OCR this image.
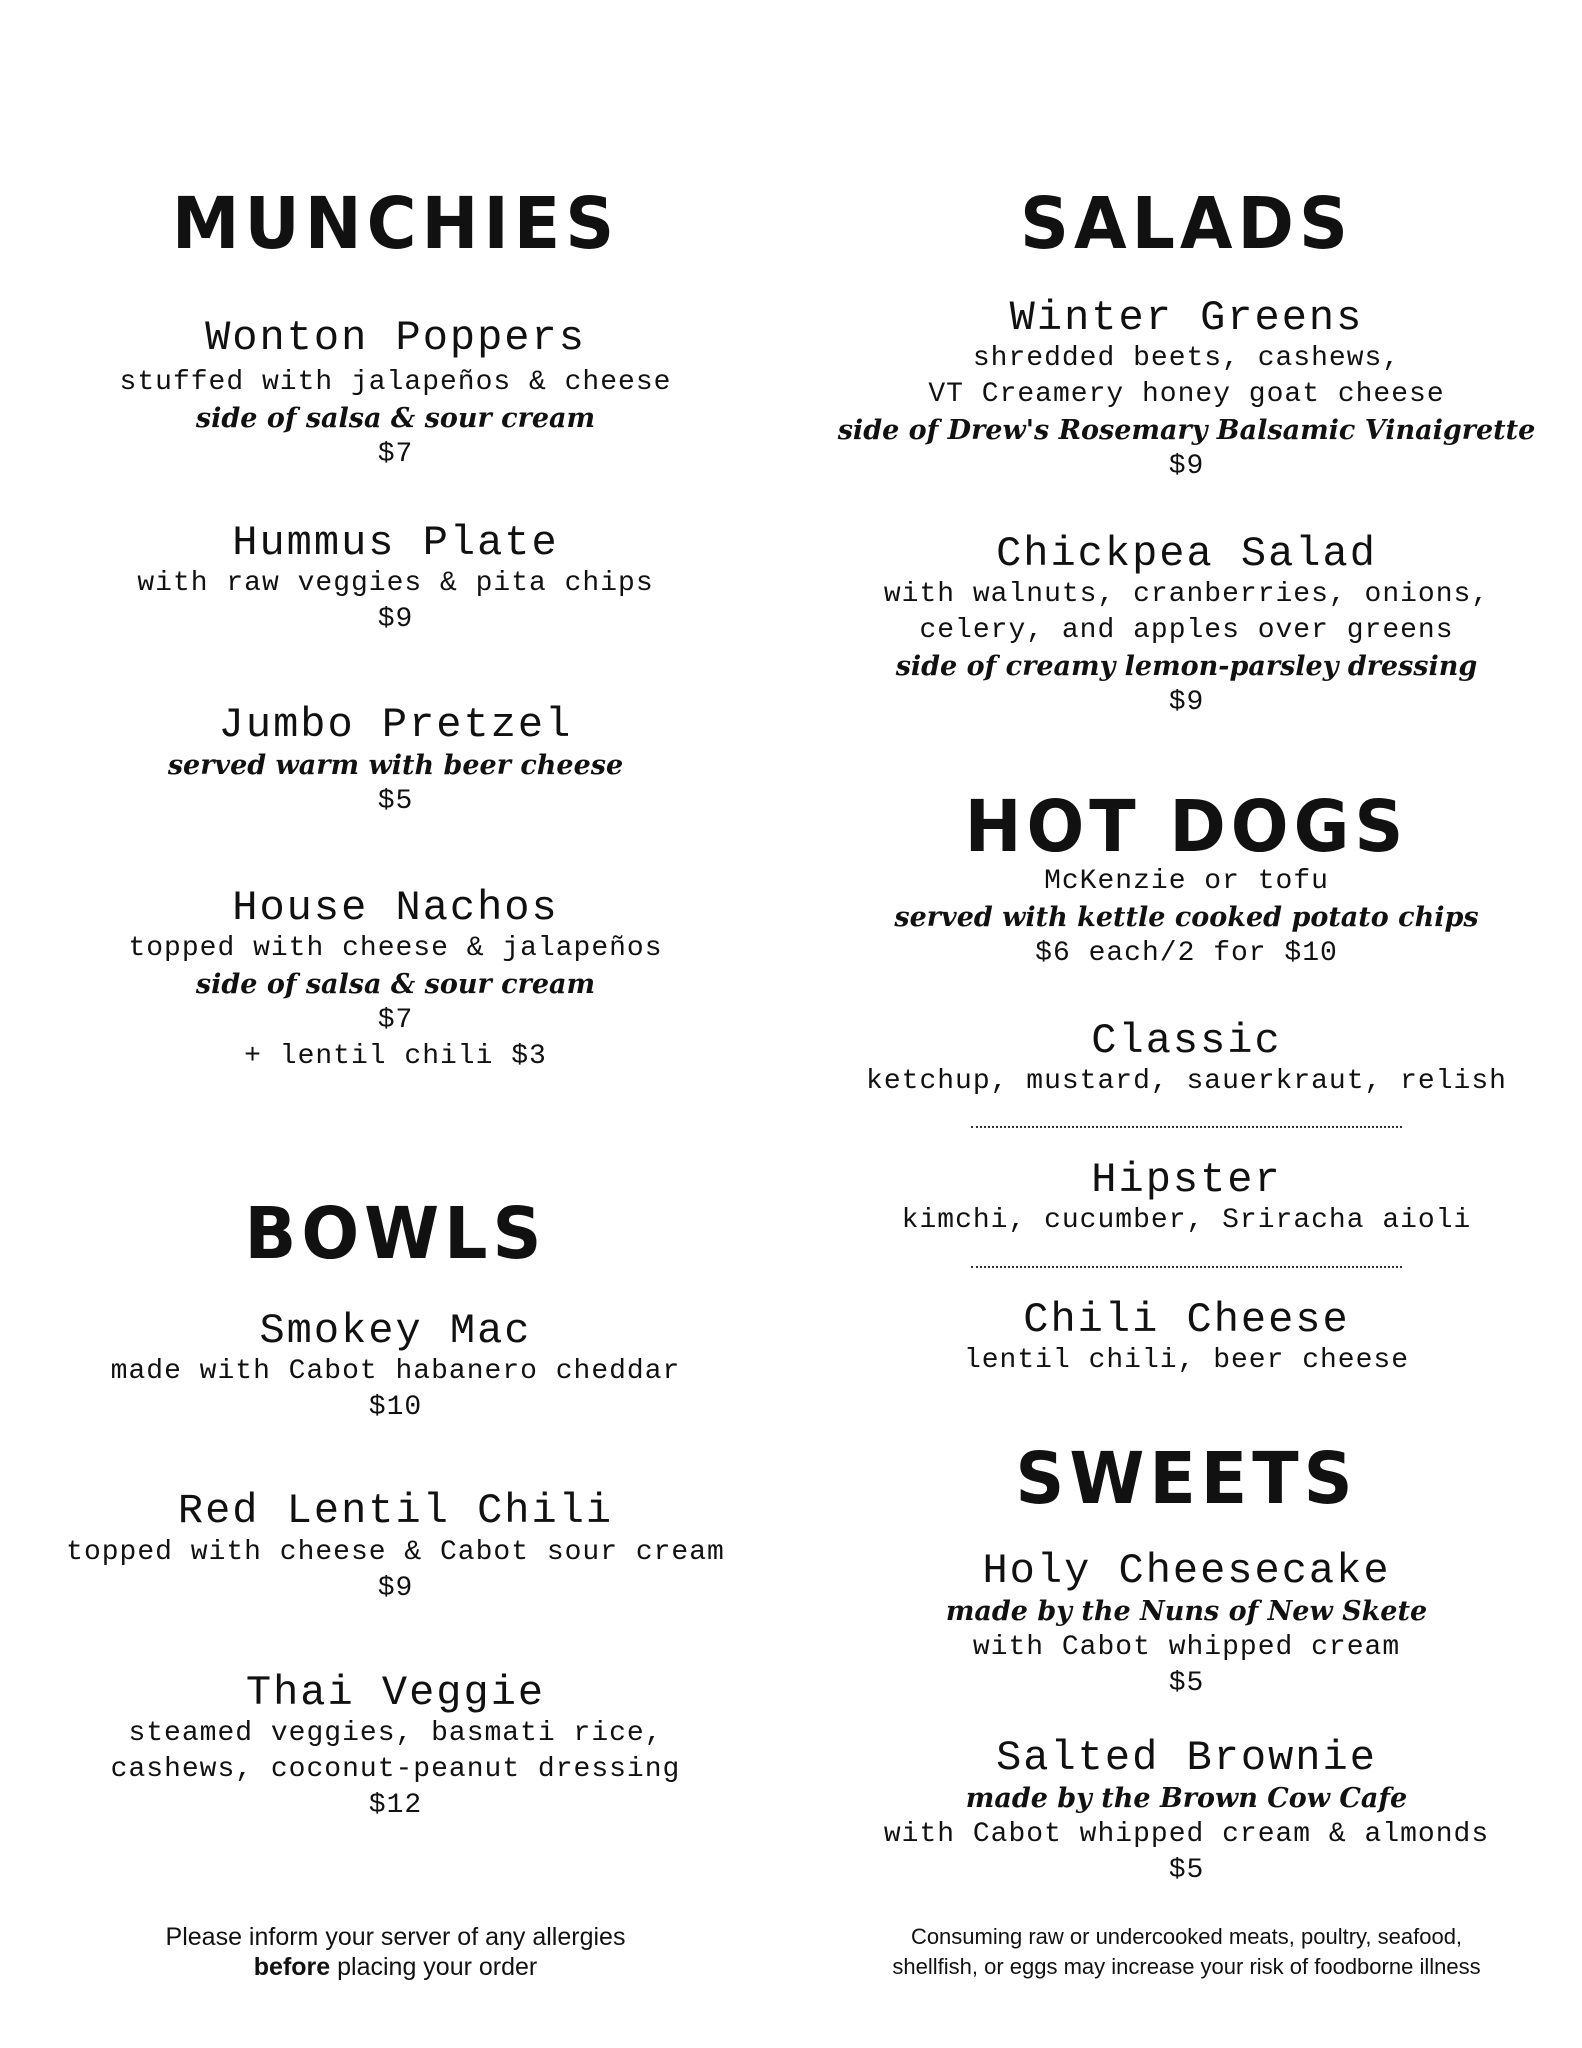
MUNCHIES
Wonton Poppers
stuffed with jalapeños & cheese
side of salsa & sour cream
$7
Hummus Plate
with raw veggies & pita chips
$9
Jumbo Pretzel
served warm with beer cheese
$5
House Nachos
topped with cheese & jalapeños
side of salsa & sour cream
$7
+ lentil chili $3
BOWLS
Smokey Mac
made with Cabot habanero cheddar
$10
Red Lentil Chili
topped with cheese & Cabot sour cream
$9
Thai Veggie
steamed veggies, basmati rice,
cashews, coconut-peanut dressing
$12
Please inform your server of any allergies
before placing your order
SALADS
Winter Greens
shredded beets, cashews,
VT Creamery honey goat cheese
side of Drew's Rosemary Balsamic Vinaigrette
$9
Chickpea Salad
with walnuts, cranberries, onions,
celery, and apples over greens
side of creamy lemon-parsley dressing
$9
HOT DOGS
McKenzie or tofu
served with kettle cooked potato chips
$6 each/2 for $10
Classic
ketchup, mustard, sauerkraut, relish
Hipster
kimchi, cucumber, Sriracha aioli
Chili Cheese
lentil chili, beer cheese
SWEETS
Holy Cheesecake
made by the Nuns of New Skete
with Cabot whipped cream
$5
Salted Brownie
made by the Brown Cow Cafe
with Cabot whipped cream & almonds
$5
Consuming raw or undercooked meats, poultry, seafood,
shellfish, or eggs may increase your risk of foodborne illness
